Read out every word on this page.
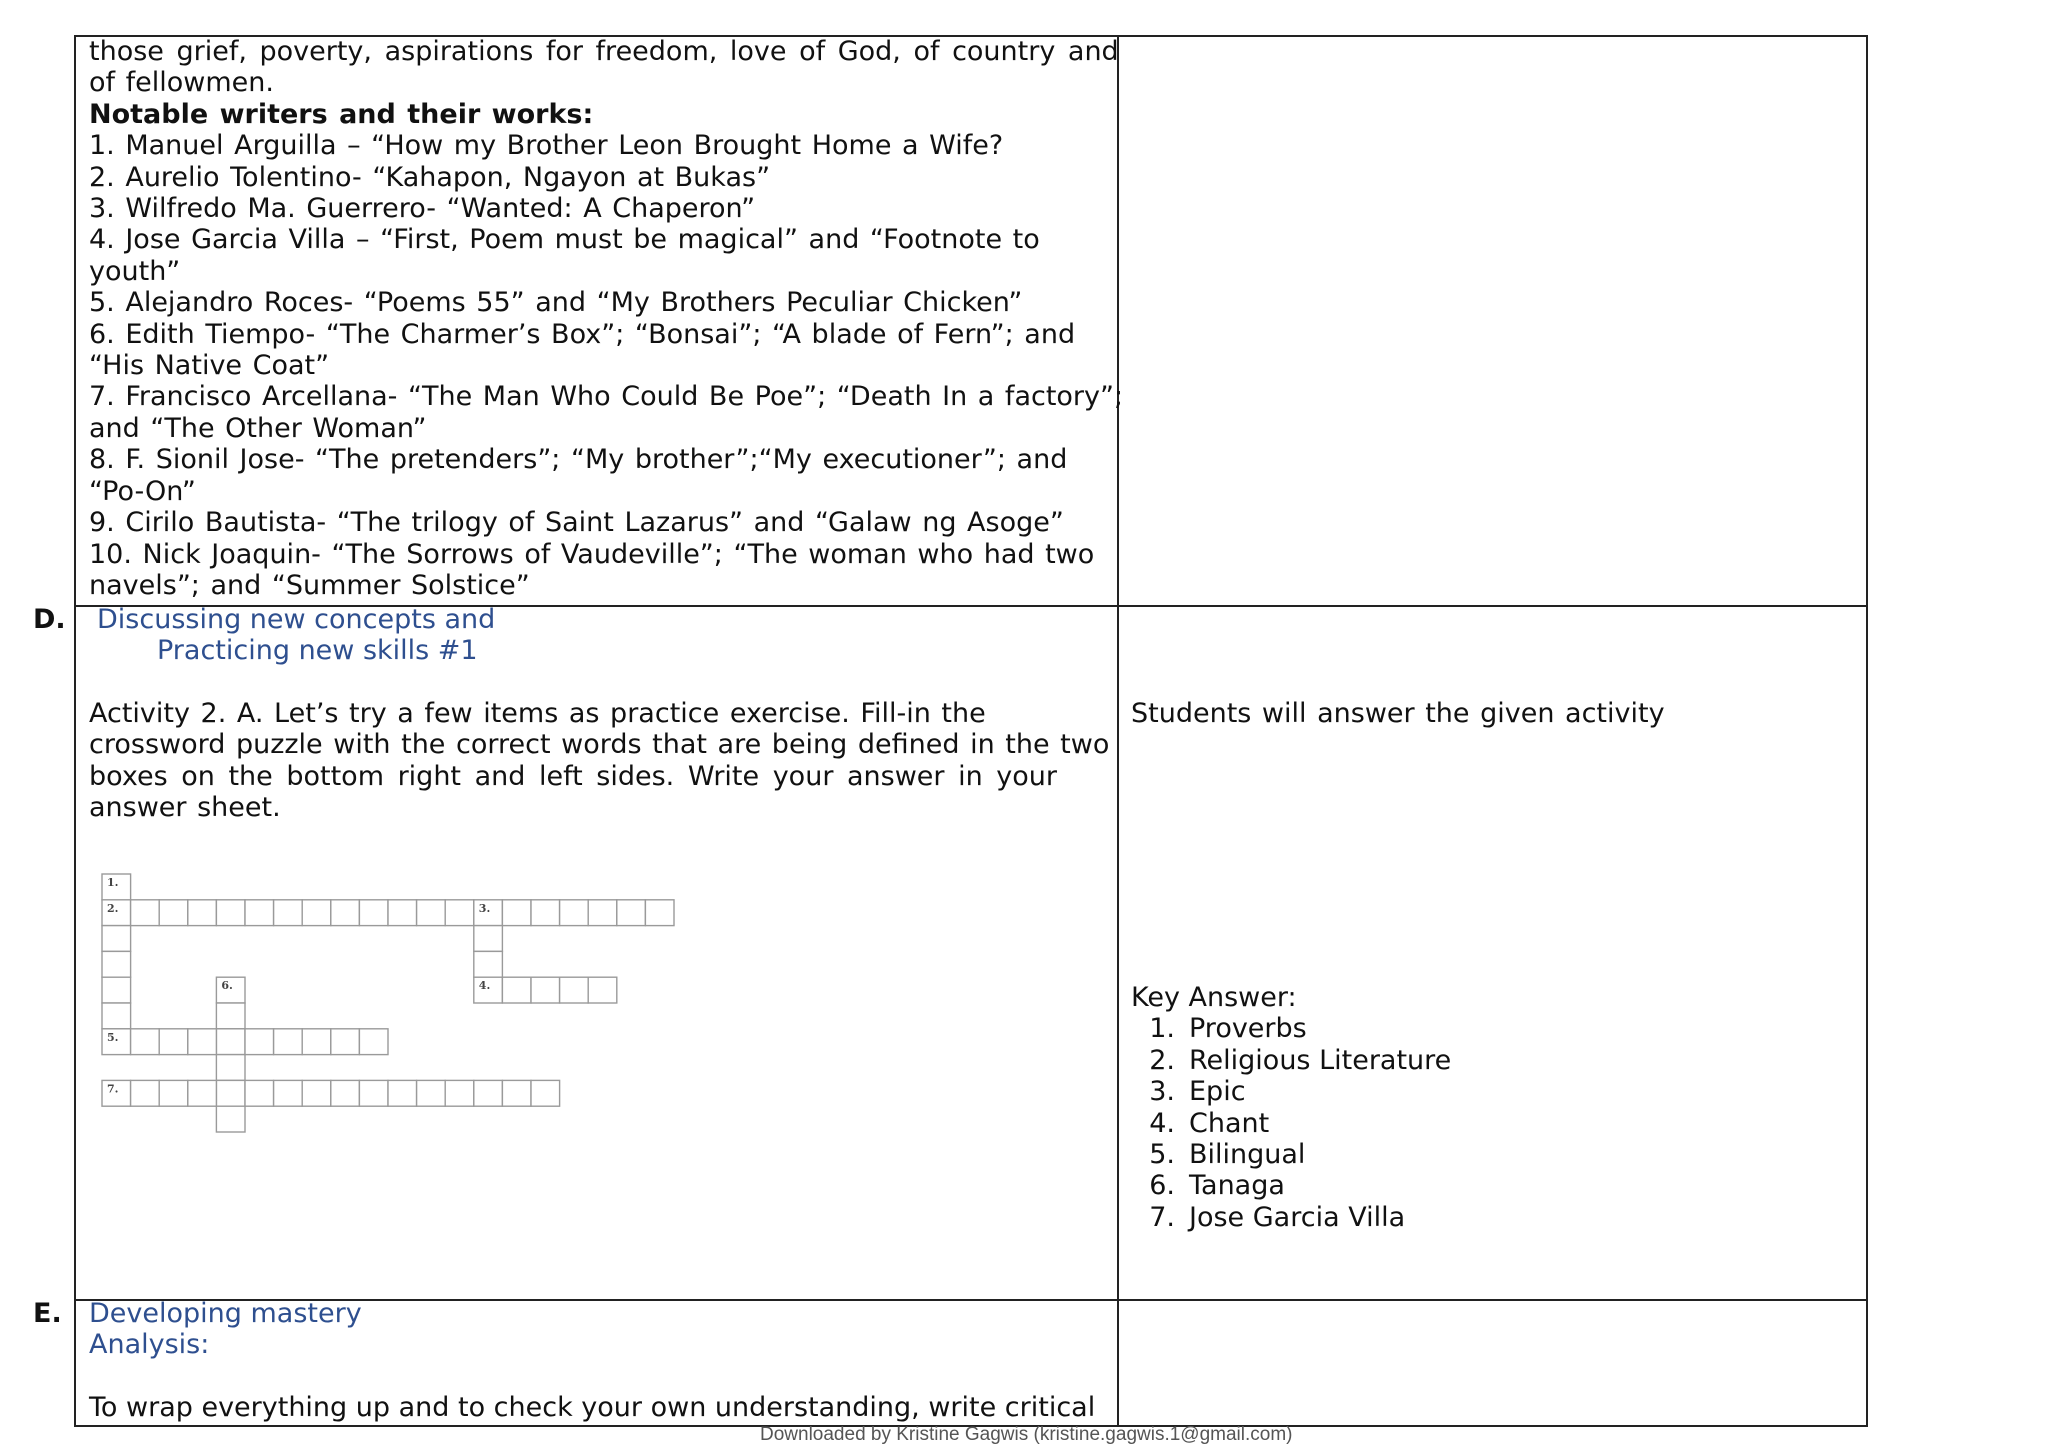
those grief, poverty, aspirations for freedom, love of God, of country and
of fellowmen.
Notable writers and their works:
1. Manuel Arguilla – “How my Brother Leon Brought Home a Wife?
2. Aurelio Tolentino- “Kahapon, Ngayon at Bukas”
3. Wilfredo Ma. Guerrero- “Wanted: A Chaperon”
4. Jose Garcia Villa – “First, Poem must be magical” and “Footnote to
youth”
5. Alejandro Roces- “Poems 55” and “My Brothers Peculiar Chicken”
6. Edith Tiempo- “The Charmer’s Box”; “Bonsai”; “A blade of Fern”; and
“His Native Coat”
7. Francisco Arcellana- “The Man Who Could Be Poe”; “Death In a factory”;
and “The Other Woman”
8. F. Sionil Jose- “The pretenders”; “My brother”;“My executioner”; and
“Po-On”
9. Cirilo Bautista- “The trilogy of Saint Lazarus” and “Galaw ng Asoge”
10. Nick Joaquin- “The Sorrows of Vaudeville”; “The woman who had two
navels”; and “Summer Solstice”
D. Discussing new concepts and
Practicing new skills #1
Activity 2. A. Let’s try a few items as practice exercise. Fill-in the
crossword puzzle with the correct words that are being defined in the two
boxes on the bottom right and left sides. Write your answer in your
answer sheet.
1.
2.	3.
4.
5.
6.
7.
Students will answer the given activity
Key Answer:
1. Proverbs
2. Religious Literature
3. Epic
4. Chant
5. Bilingual
6. Tanaga
7. Jose Garcia Villa
E. Developing mastery
Analysis:
To wrap everything up and to check your own understanding, write critical
Downloaded by Kristine Gagwis (kristine.gagwis.1@gmail.com)
